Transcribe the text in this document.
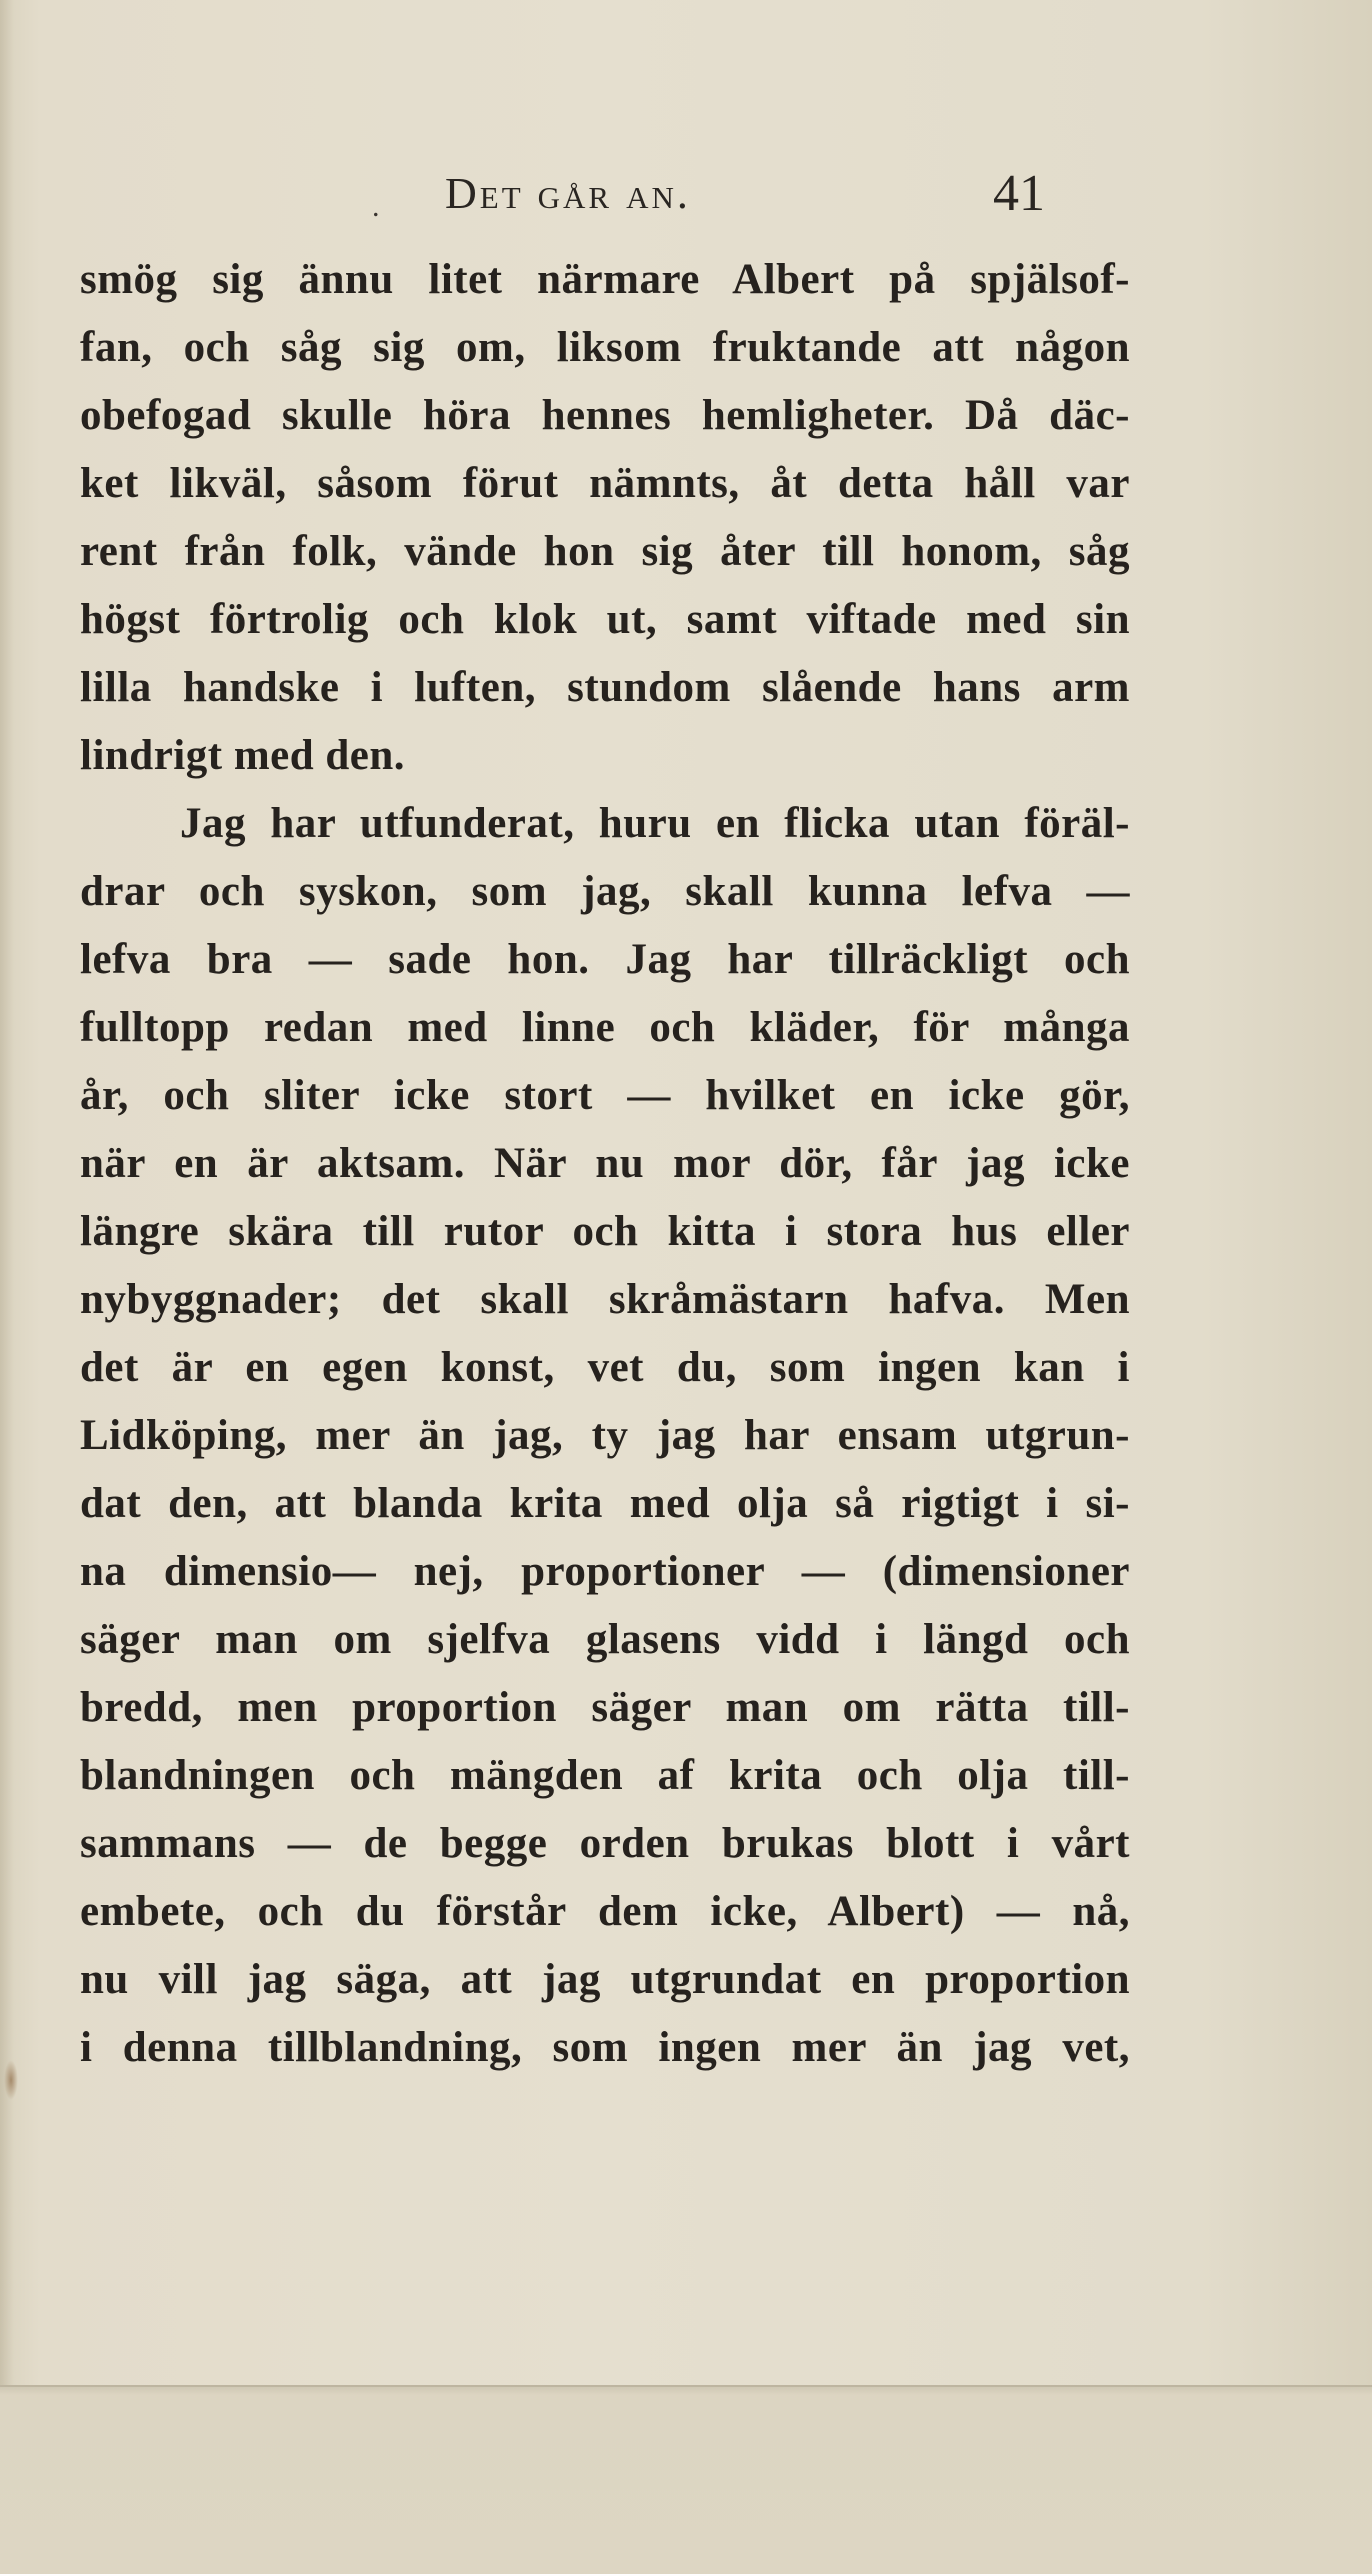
. Det går an.	41
smög sig ännu litet närmare Albert på spjälsof-
fan, och såg sig om, liksom fruktande att någon
obefogad skulle höra hennes hemligheter. Då däc-
ket likväl, såsom förut nämnts, åt detta håll var
rent från folk, vände hon sig åter till honom, såg
högst förtrolig och klok ut, samt viftade med sin
lilla handske i luften, stundom slående hans arm
lindrigt med den.
Jag har utfunderat, huru en flicka utan föräl-
drar och syskon, som jag, skall kunna lefva —
lefva bra — sade hon. Jag har tillräckligt och
fulltopp redan med linne och kläder, för många
år, och sliter icke stort — hvilket en icke gör,
när en är aktsam. När nu mor dör, får jag icke
längre skära till rutor och kitta i stora hus eller
nybyggnader; det skall skråmästarn hafva. Men
det är en egen konst, vet du, som ingen kan i
Lidköping, mer än jag, ty jag har ensam utgrun-
dat den, att blanda krita med olja så rigtigt i si-
na dimensio— nej, proportioner — (dimensioner
säger man om sjelfva glasens vidd i längd och
bredd, men proportion säger man om rätta till-
blandningen och mängden af krita och olja till-
sammans — de begge orden brukas blott i vårt
embete, och du förstår dem icke, Albert) — nå,
nu vill jag säga, att jag utgrundat en proportion
i denna tillblandning, som ingen mer än jag vet,
